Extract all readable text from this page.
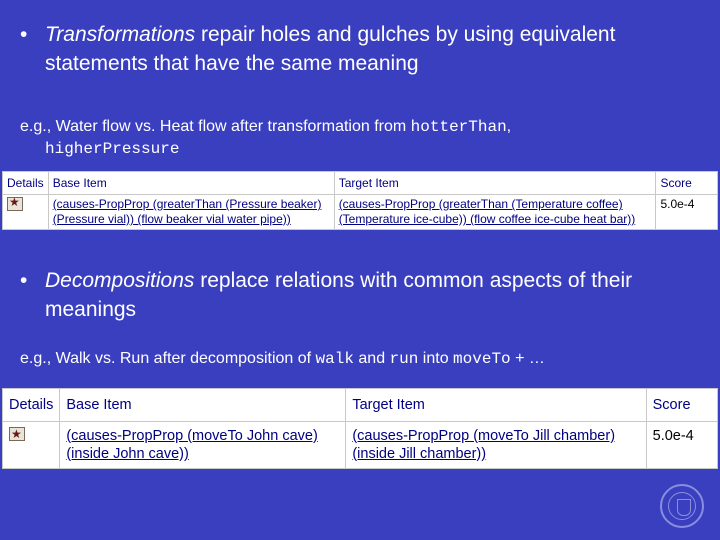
• Transformations repair holes and gulches by using equivalent statements that have the same meaning
e.g., Water flow vs. Heat flow after transformation from hotterThan,
higherPressure
Details	Base Item	Target Item	Score
★	(causes-PropProp (greaterThan (Pressure beaker)
(Pressure vial)) (flow beaker vial water pipe))	(causes-PropProp (greaterThan (Temperature coffee)
(Temperature ice-cube)) (flow coffee ice-cube heat bar))	5.0e-4
• Decompositions replace relations with common aspects of their meanings
e.g., Walk vs. Run after decomposition of walk and run into moveTo + …
Details	Base Item	Target Item	Score
★	(causes-PropProp (moveTo John cave)
(inside John cave))	(causes-PropProp (moveTo Jill chamber)
(inside Jill chamber))	5.0e-4
